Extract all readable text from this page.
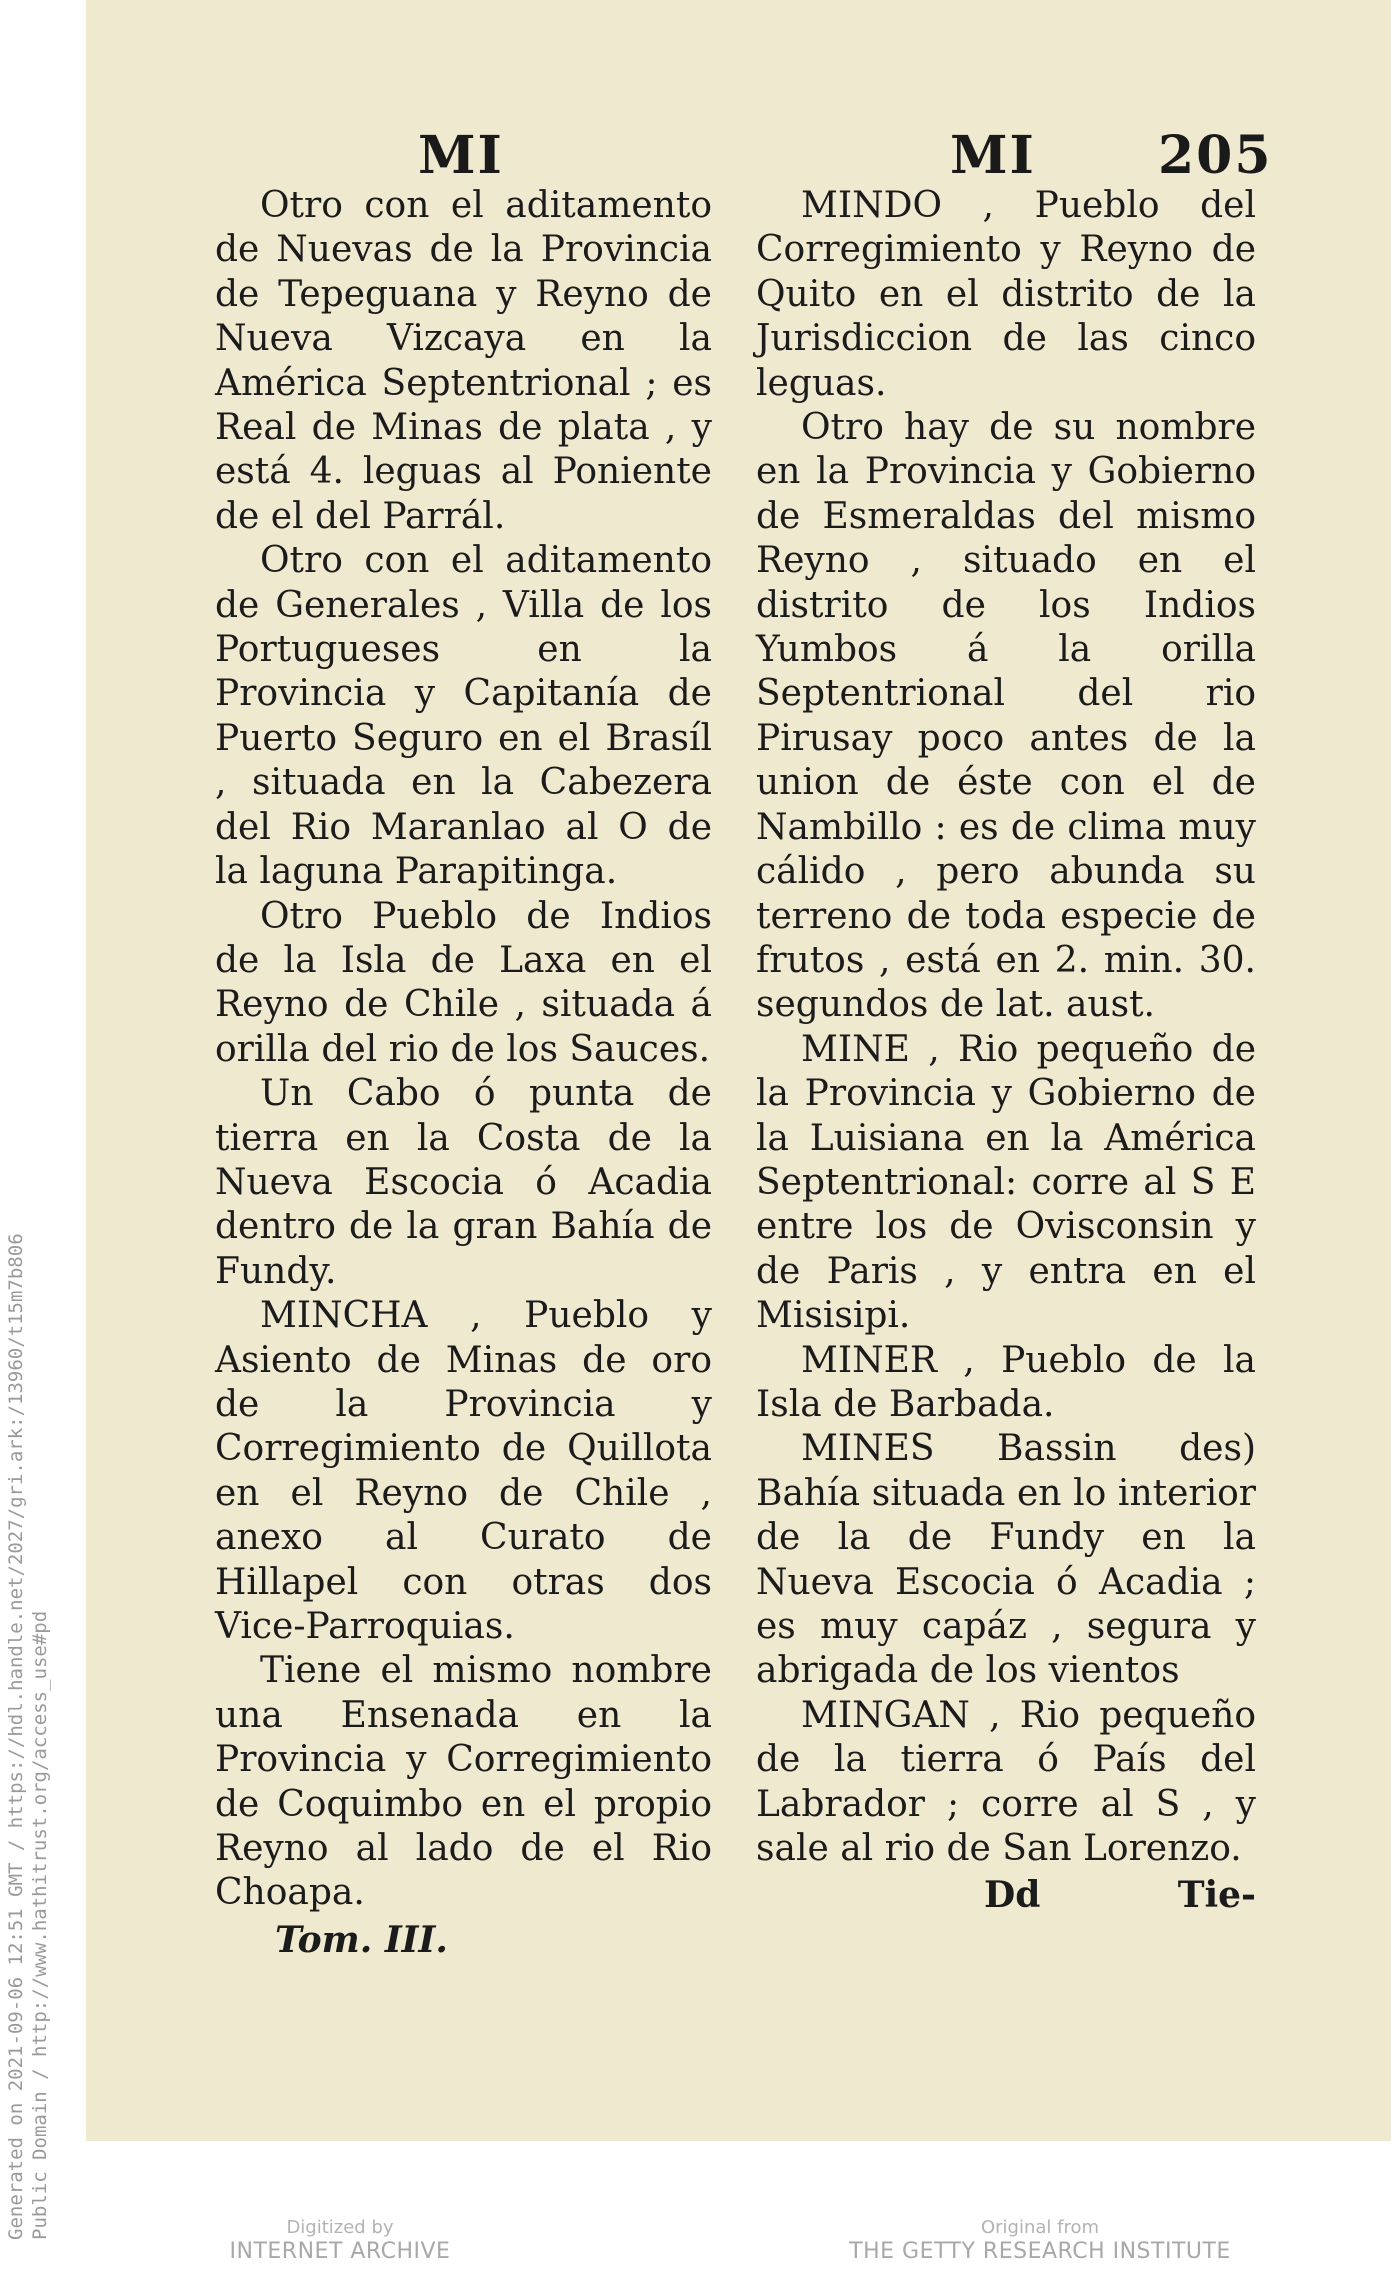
Generated on 2021-09-06 12:51 GMT / https://hdl.handle.net/2027/gri.ark:/13960/t15m7b806 Public Domain / http://www.hathitrust.org/access_use#pd
MI	MI 205

Otro con el aditamento de Nuevas de la Provincia de Tepeguana y Reyno de Nueva Vizcaya en la América Septentrional ; es Real de Minas de plata , y está 4. leguas al Poniente de el del Parrál.

Otro con el aditamento de Generales , Villa de los Portugueses en la Provincia y Capitanía de Puerto Seguro en el Brasíl , situada en la Cabezera del Rio Maranlao al O de la laguna Parapitinga.

Otro Pueblo de Indios de la Isla de Laxa en el Reyno de Chile , situada á orilla del rio de los Sauces.

Un Cabo ó punta de tierra en la Costa de la Nueva Escocia ó Acadia dentro de la gran Bahía de Fundy.

MINCHA , Pueblo y Asiento de Minas de oro de la Provincia y Corregimiento de Quillota en el Reyno de Chile , anexo al Curato de Hillapel con otras dos Vice-Parroquias.

Tiene el mismo nombre una Ensenada en la Provincia y Corregimiento de Coquimbo en el propio Reyno al lado de el Rio Choapa.

Tom. III.

MINDO , Pueblo del Corregimiento y Reyno de Quito en el distrito de la Jurisdiccion de las cinco leguas.

Otro hay de su nombre en la Provincia y Gobierno de Esmeraldas del mismo Reyno , situado en el distrito de los Indios Yumbos á la orilla Septentrional del rio Pirusay poco antes de la union de éste con el de Nambillo : es de clima muy cálido , pero abunda su terreno de toda especie de frutos , está en 2. min. 30. segundos de lat. aust.

MINE , Rio pequeño de la Provincia y Gobierno de la Luisiana en la América Septentrional: corre al S E entre los de Ovisconsin y de Paris , y entra en el Misisipi.

MINER , Pueblo de la Isla de Barbada.

MINES Bassin des) Bahía situada en lo interior de la de Fundy en la Nueva Escocia ó Acadia ; es muy capáz , segura y abrigada de los vientos

MINGAN , Rio pequeño de la tierra ó País del Labrador ; corre al S , y sale al rio de San Lorenzo.

Dd	Tie-
Digitized by
INTERNET ARCHIVE
Original from
THE GETTY RESEARCH INSTITUTE
